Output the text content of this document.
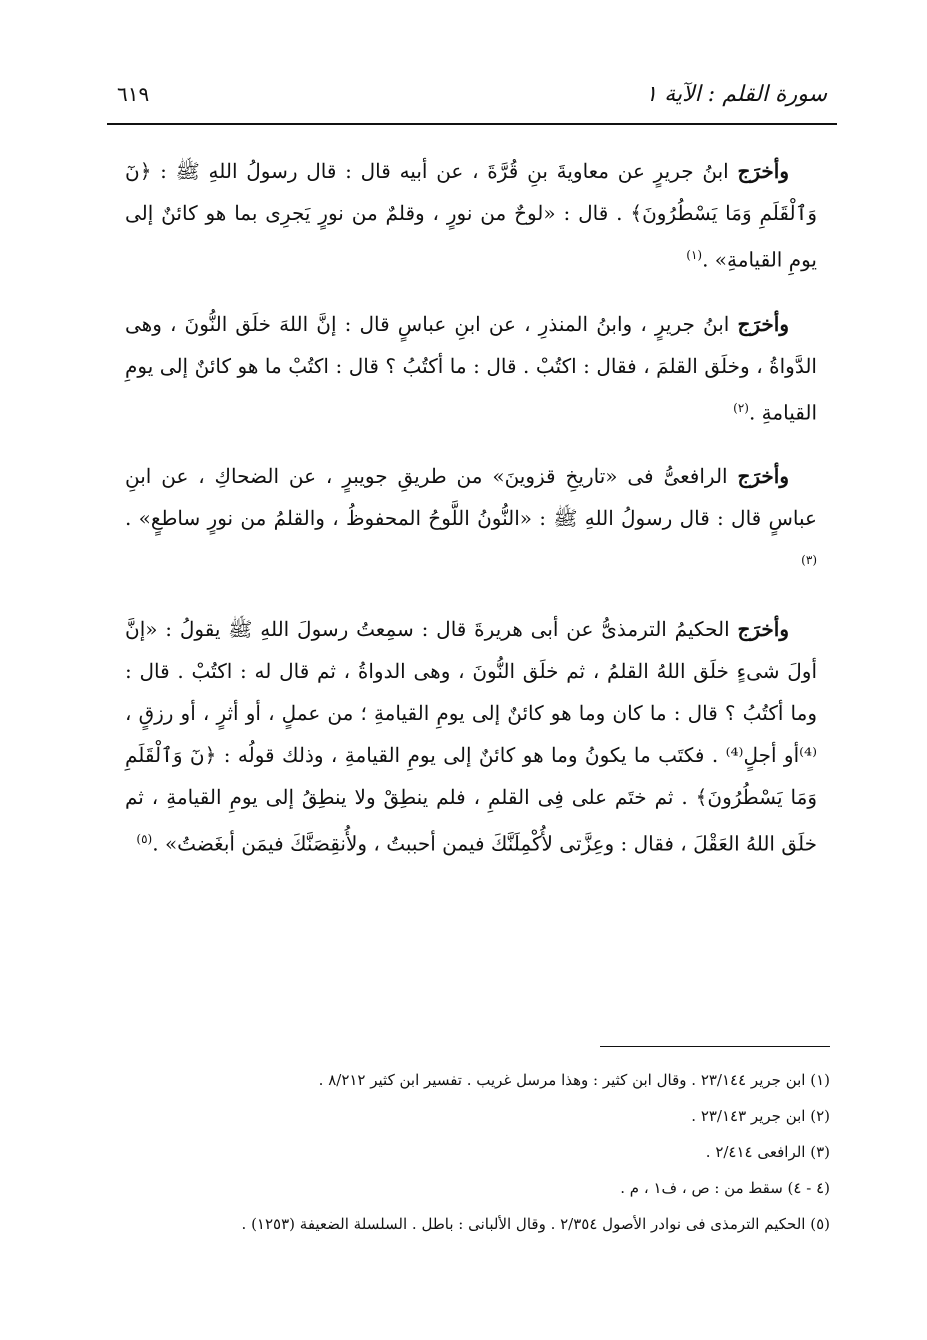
سورة القلم : الآية ١
٦١٩

وأخرَج ابنُ جريرٍ عن معاويةَ بنِ قُرَّةَ ، عن أبيه قال : قال رسولُ اللهِ ﷺ : ﴿نٓ وَٱلْقَلَمِ وَمَا يَسْطُرُونَ﴾ . قال : «لوحٌ من نورٍ ، وقلمٌ من نورٍ يَجرِى بما هو كائنٌ إلى يومِ القيامةِ» .$^{(١)}$

وأخرَج ابنُ جريرٍ ، وابنُ المنذرِ ، عن ابنِ عباسٍ قال : إنَّ اللهَ خلَق النُّونَ ، وهى الدَّواةُ ، وخلَق القلمَ ، فقال : اكتُبْ . قال : ما أكتُبُ ؟ قال : اكتُبْ ما هو كائنٌ إلى يومِ القيامةِ .$^{(٢)}$

وأخرَج الرافعىُّ فى «تاريخِ قزوينَ» من طريقِ جويبرٍ ، عن الضحاكِ ، عن ابنِ عباسٍ قال : قال رسولُ اللهِ ﷺ : «النُّونُ اللَّوحُ المحفوظُ ، والقلمُ من نورٍ ساطعٍ» .$^{(٣)}$

وأخرَج الحكيمُ الترمذىُّ عن أبى هريرةَ قال : سمِعتُ رسولَ اللهِ ﷺ يقولُ : «إنَّ أولَ شىءٍ خلَق اللهُ القلمُ ، ثم خلَق النُّونَ ، وهى الدواةُ ، ثم قال له : اكتُبْ . قال : وما أكتُبُ ؟ قال : ما كان وما هو كائنٌ إلى يومِ القيامةِ ؛ من عملٍ ، أو أثرٍ ، أو رزقٍ ، ⁽⁴⁾أو أجلٍ⁽⁴⁾ . فكتَب ما يكونُ وما هو كائنٌ إلى يومِ القيامةِ ، وذلك قولُه : ﴿نٓ وَٱلْقَلَمِ وَمَا يَسْطُرُونَ﴾ . ثم ختَم على فِى القلمِ ، فلم ينطِقْ ولا ينطِقُ إلى يومِ القيامةِ ، ثم خلَق اللهُ العَقْلَ ، فقال : وعِزَّتى لأُكْمِلَنَّكَ فيمن أحببتُ ، ولأُنقِصَنَّكَ فيمَن أبغَضتُ» .$^{(٥)}$

(١) ابن جرير ٢٣/١٤٤ . وقال ابن كثير : وهذا مرسل غريب . تفسير ابن كثير ٨/٢١٢ .

(٢) ابن جرير ٢٣/١٤٣ .

(٣) الرافعى ٢/٤١٤ .

(٤ - ٤) سقط من : ص ، ف١ ، م .

(٥) الحكيم الترمذى فى نوادر الأصول ٢/٣٥٤ . وقال الألبانى : باطل . السلسلة الضعيفة (١٢٥٣) .
